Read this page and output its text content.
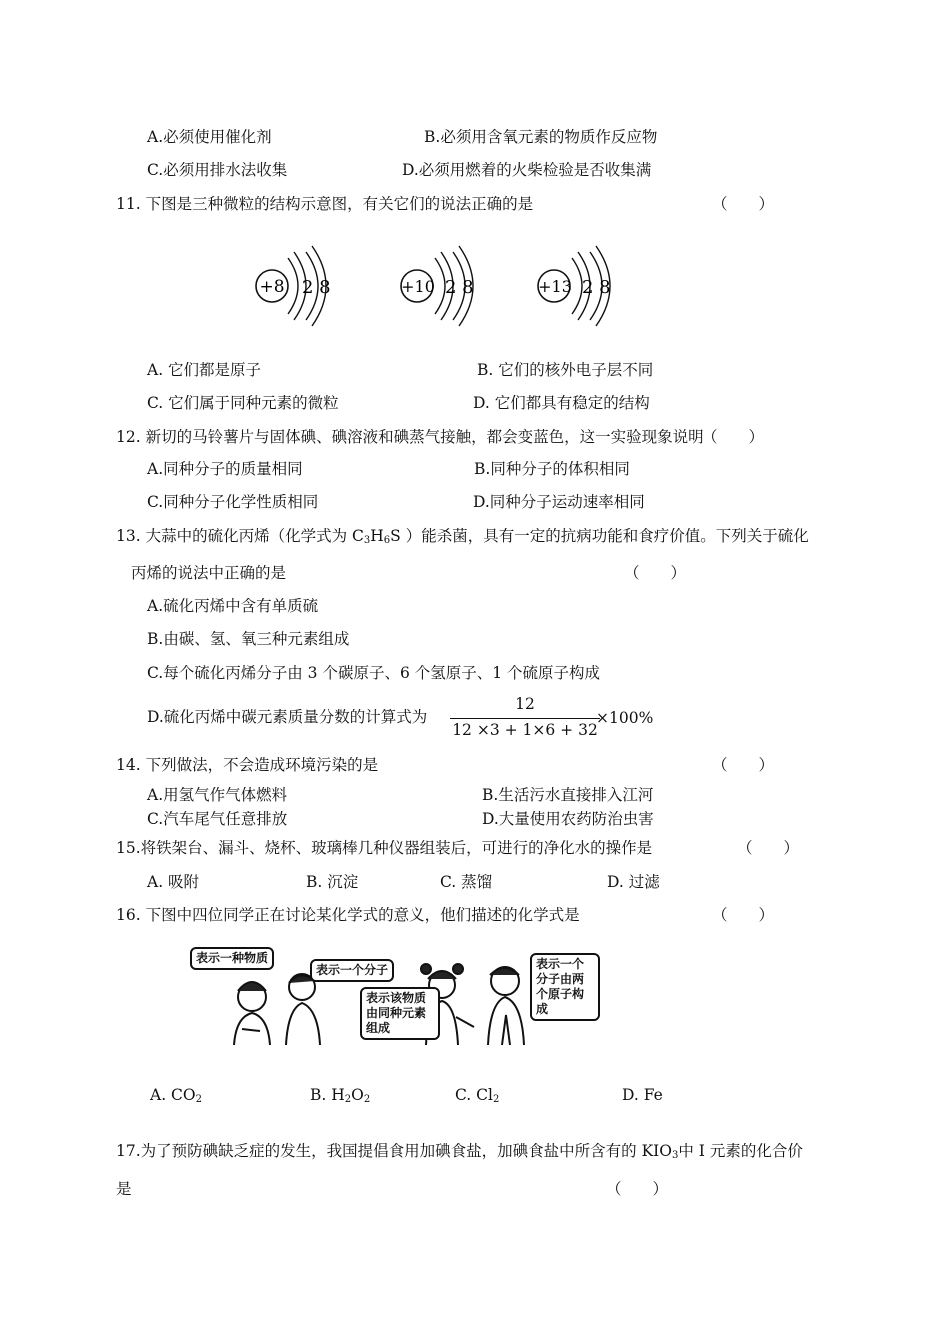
A.必须使用催化剂	B.必须用含氧元素的物质作反应物
C.必须用排水法收集	D.必须用燃着的火柴检验是否收集满
11. 下图是三种微粒的结构示意图，有关它们的说法正确的是	（　　）
+8 2 8	+10 2 8	+13 2 8
A. 它们都是原子	B. 它们的核外电子层不同
C. 它们属于同种元素的微粒	D. 它们都具有稳定的结构
12. 新切的马铃薯片与固体碘、碘溶液和碘蒸气接触，都会变蓝色，这一实验现象说明
（　　）
A.同种分子的质量相同	B.同种分子的体积相同
C.同种分子化学性质相同	D.同种分子运动速率相同
13. 大蒜中的硫化丙烯（化学式为 $C_3H_6S$ ）能杀菌，具有一定的抗病功能和食疗价值。下列关于硫化
丙烯的说法中正确的是	（　　）
A.硫化丙烯中含有单质硫
B.由碳、氢、氧三种元素组成
C.每个硫化丙烯分子由 3 个碳原子、6 个氢原子、1 个硫原子构成
D.硫化丙烯中碳元素质量分数的计算式为
12
12 ×3 + 1×6 + 32
×100%
14. 下列做法，不会造成环境污染的是	（　　）
A.用氢气作气体燃料	B.生活污水直接排入江河
C.汽车尾气任意排放	D.大量使用农药防治虫害
15.将铁架台、漏斗、烧杯、玻璃棒几种仪器组装后，可进行的净化水的操作是	（　　）
A. 吸附	B. 沉淀	C. 蒸馏	D. 过滤
16. 下图中四位同学正在讨论某化学式的意义，他们描述的化学式是	（　　）
表示一种物质
表示一个分子
表示该物质由同种元素组成
表示一个分子由两个原子构成
A. $CO_2$	B. $H_2O_2$	C. $Cl_2$	D. Fe
17.为了预防碘缺乏症的发生，我国提倡食用加碘食盐，加碘食盐中所含有的 $KIO_3$中 I 元素的化合价
是	（　　）
